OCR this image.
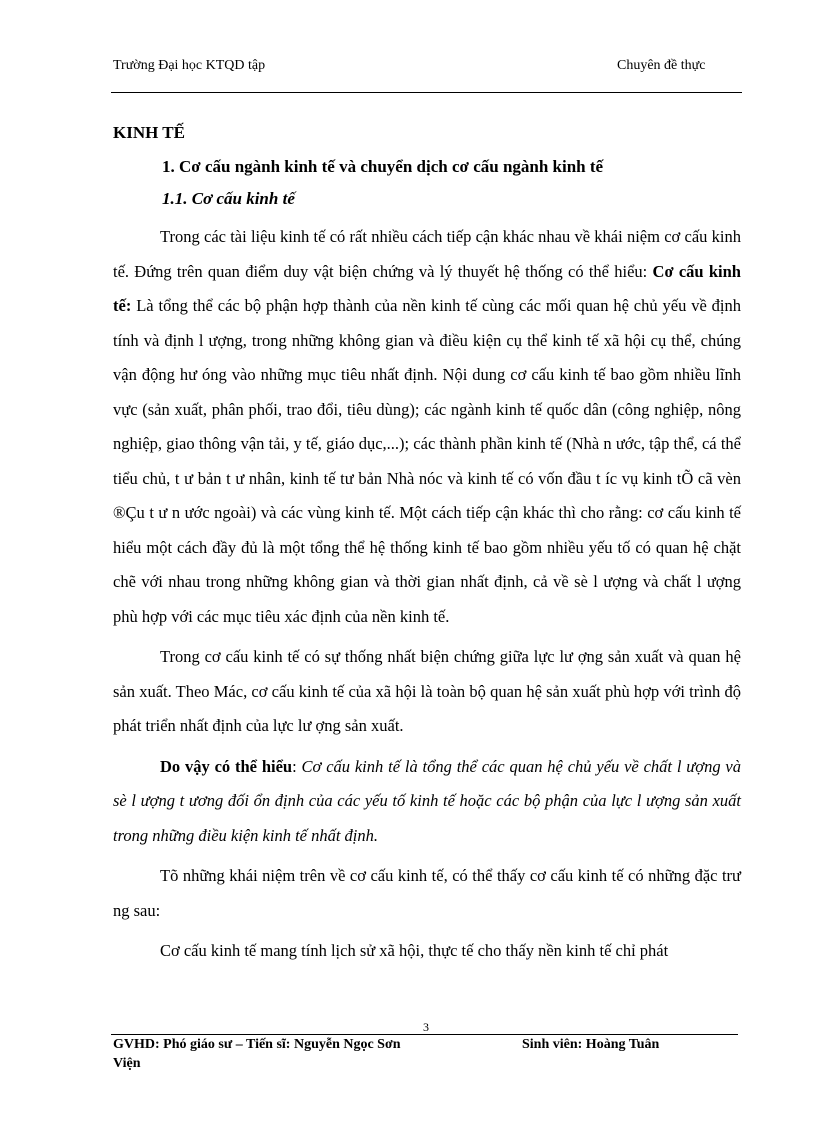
Trường Đại học KTQD tập	Chuyên đề thực

KINH TẾ

1. Cơ cấu ngành kinh tế và chuyển dịch cơ cấu ngành kinh tế

1.1. Cơ cấu kinh tế

Trong các tài liệu kinh tế có rất nhiều cách tiếp cận khác nhau về khái niệm cơ cấu kinh tế. Đứng trên quan điểm duy vật biện chứng và lý thuyết hệ thống có thể hiểu: Cơ cấu kinh tế: Là tổng thể các bộ phận hợp thành của nền kinh tế cùng các mối quan hệ chủ yếu về định tính và định l ượng, trong những không gian và điều kiện cụ thể kinh tế xã hội cụ thể, chúng vận động hư óng vào những mục tiêu nhất định. Nội dung cơ cấu kinh tế bao gồm nhiều lĩnh vực (sản xuất, phân phối, trao đổi, tiêu dùng); các ngành kinh tế quốc dân (công nghiệp, nông nghiệp, giao thông vận tải, y tế, giáo dục,...); các thành phần kinh tế (Nhà n ước, tập thể, cá thể tiểu chủ, t ư bản t ư nhân, kinh tế tư bản Nhà nóc và kinh tế có vốn đầu t íc vụ kinh tÕ cã vèn ®Çu t ư n ước ngoài) và các vùng kinh tế. Một cách tiếp cận khác thì cho rằng: cơ cấu kinh tế hiểu một cách đầy đủ là một tổng thể hệ thống kinh tế bao gồm nhiều yếu tố có quan hệ chặt chẽ với nhau trong những không gian và thời gian nhất định, cả về sè l ượng và chất l ượng phù hợp với các mục tiêu xác định của nền kinh tế.

Trong cơ cấu kinh tế có sự thống nhất biện chứng giữa lực lư ợng sản xuất và quan hệ sản xuất. Theo Mác, cơ cấu kinh tế của xã hội là toàn bộ quan hệ sản xuất phù hợp với trình độ phát triển nhất định của lực lư ợng sản xuất.

Do vậy có thể hiểu: Cơ cấu kinh tế là tổng thể các quan hệ chủ yếu về chất l ượng và sè l ượng t ương đối ổn định của các yếu tố kinh tế hoặc các bộ phận của lực l ượng sản xuất trong những điều kiện kinh tế nhất định.

Tõ những khái niệm trên về cơ cấu kinh tế, có thể thấy cơ cấu kinh tế có những đặc trư ng sau:

Cơ cấu kinh tế mang tính lịch sử xã hội, thực tế cho thấy nền kinh tế chỉ phát

3
GVHD: Phó giáo sư – Tiến sĩ: Nguyễn Ngọc Sơn
Viện
Sinh viên: Hoàng Tuân
